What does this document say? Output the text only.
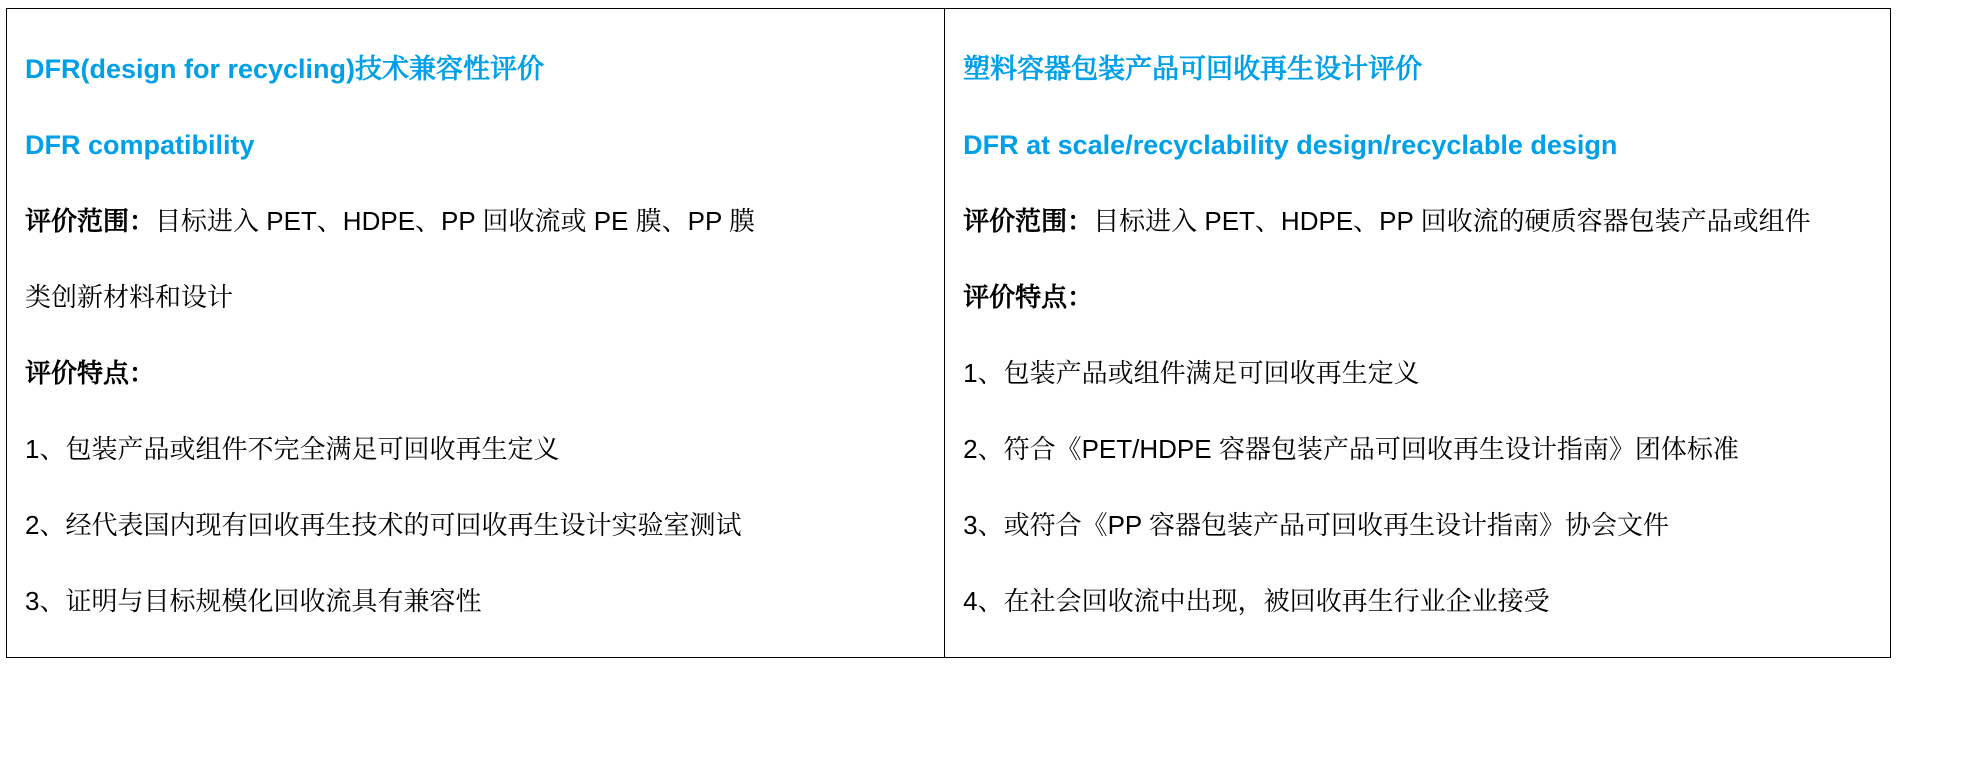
DFR(design for recycling)技术兼容性评价
DFR compatibility
评价范围：目标进入 PET、HDPE、PP 回收流或 PE 膜、PP 膜
类创新材料和设计
评价特点：
1、包装产品或组件不完全满足可回收再生定义
2、经代表国内现有回收再生技术的可回收再生设计实验室测试
3、证明与目标规模化回收流具有兼容性

塑料容器包装产品可回收再生设计评价
DFR at scale/recyclability design/recyclable design
评价范围：目标进入 PET、HDPE、PP 回收流的硬质容器包装产品或组件
评价特点：
1、包装产品或组件满足可回收再生定义
2、符合《PET/HDPE 容器包装产品可回收再生设计指南》团体标准
3、或符合《PP 容器包装产品可回收再生设计指南》协会文件
4、在社会回收流中出现，被回收再生行业企业接受
